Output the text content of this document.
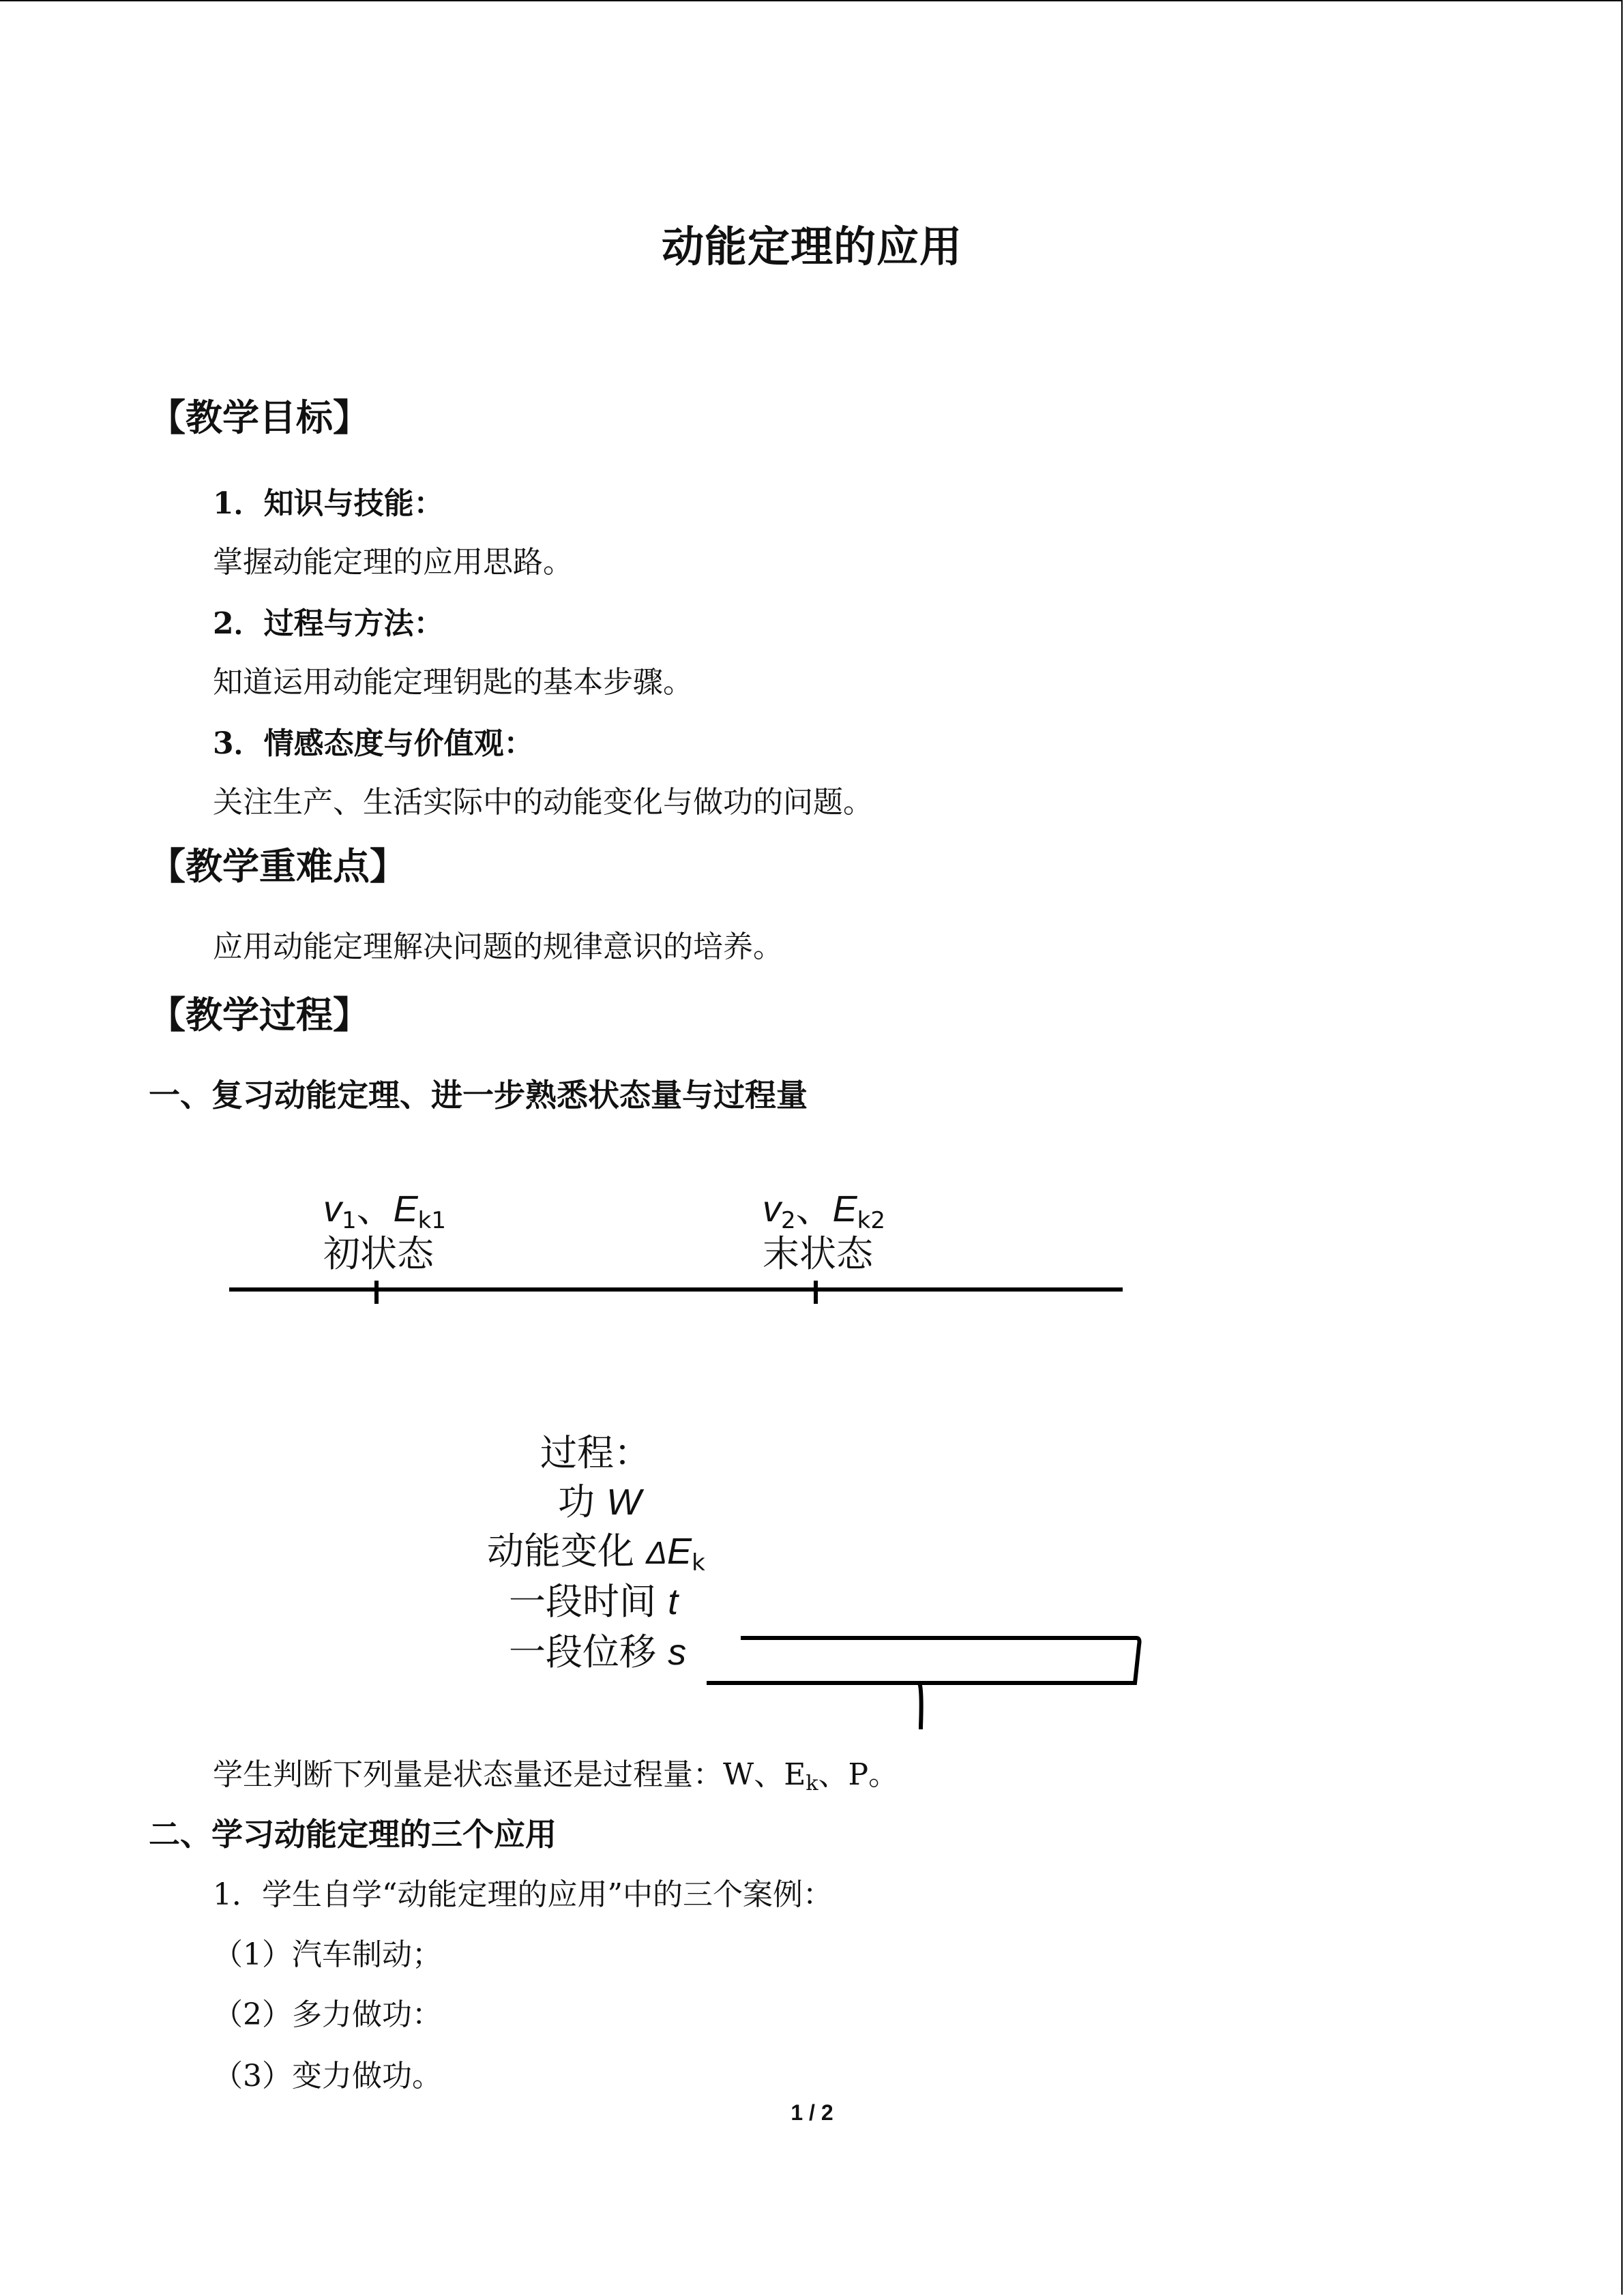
动能定理的应用
【教学目标】
1．知识与技能：
掌握动能定理的应用思路。
2．过程与方法：
知道运用动能定理钥匙的基本步骤。
3．情感态度与价值观：
关注生产、生活实际中的动能变化与做功的问题。
【教学重难点】
应用动能定理解决问题的规律意识的培养。
【教学过程】
一、复习动能定理、进一步熟悉状态量与过程量
$v_1$、$E_{k1}$
初状态
$v_2$、$E_{k2}$
末状态
过程：
功 W
动能变化 $\Delta E_k$
一段时间 t
一段位移 s
学生判断下列量是状态量还是过程量：W、Ek、P。
二、学习动能定理的三个应用
1．学生自学“动能定理的应用”中的三个案例：
（1）汽车制动；
（2）多力做功：
（3）变力做功。
1 / 2
